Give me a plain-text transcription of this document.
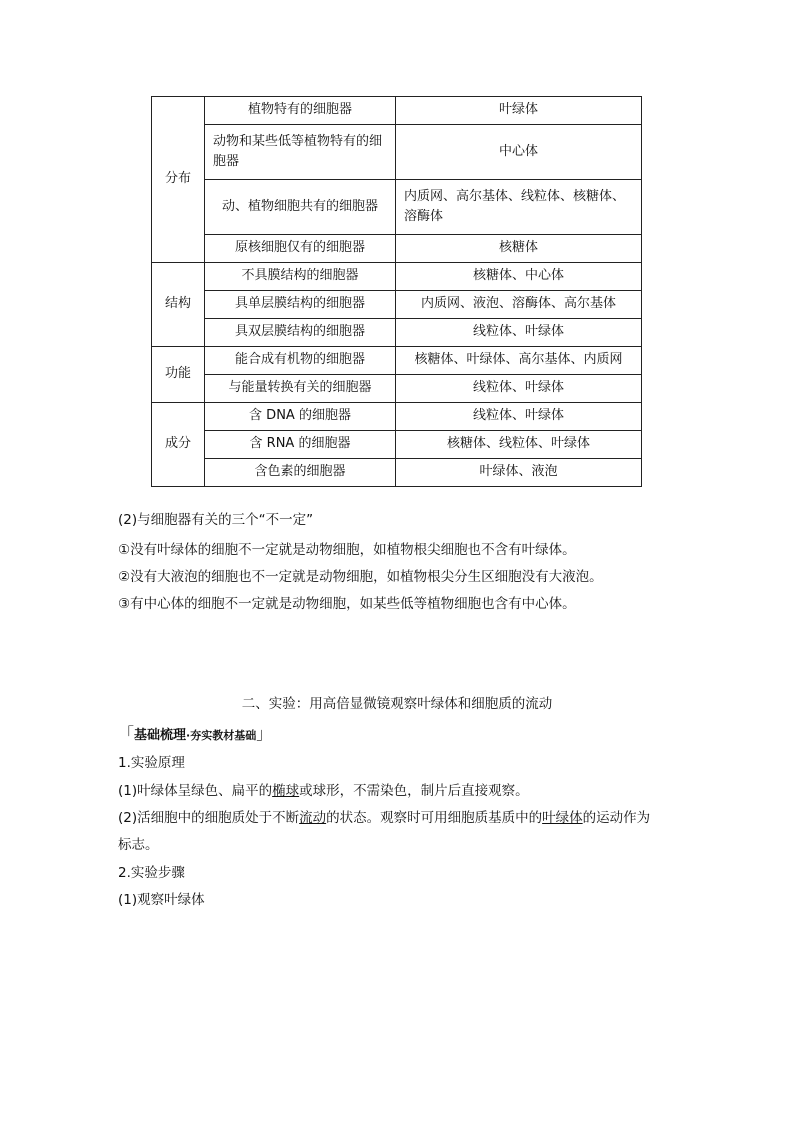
分布	植物特有的细胞器	叶绿体
	动物和某些低等植物特有的细胞器	中心体
	动、植物细胞共有的细胞器	内质网、高尔基体、线粒体、核糖体、溶酶体
	原核细胞仅有的细胞器	核糖体
结构	不具膜结构的细胞器	核糖体、中心体
	具单层膜结构的细胞器	内质网、液泡、溶酶体、高尔基体
	具双层膜结构的细胞器	线粒体、叶绿体
功能	能合成有机物的细胞器	核糖体、叶绿体、高尔基体、内质网
	与能量转换有关的细胞器	线粒体、叶绿体
成分	含 DNA 的细胞器	线粒体、叶绿体
	含 RNA 的细胞器	核糖体、线粒体、叶绿体
	含色素的细胞器	叶绿体、液泡
(2)与细胞器有关的三个“不一定”
①没有叶绿体的细胞不一定就是动物细胞，如植物根尖细胞也不含有叶绿体。
②没有大液泡的细胞也不一定就是动物细胞，如植物根尖分生区细胞没有大液泡。
③有中心体的细胞不一定就是动物细胞，如某些低等植物细胞也含有中心体。
二、实验：用高倍显微镜观察叶绿体和细胞质的流动
「基础梳理·夯实教材基础」
1.实验原理
(1)叶绿体呈绿色、扁平的椭球或球形，不需染色，制片后直接观察。
(2)活细胞中的细胞质处于不断流动的状态。观察时可用细胞质基质中的叶绿体的运动作为
标志。
2.实验步骤
(1)观察叶绿体
